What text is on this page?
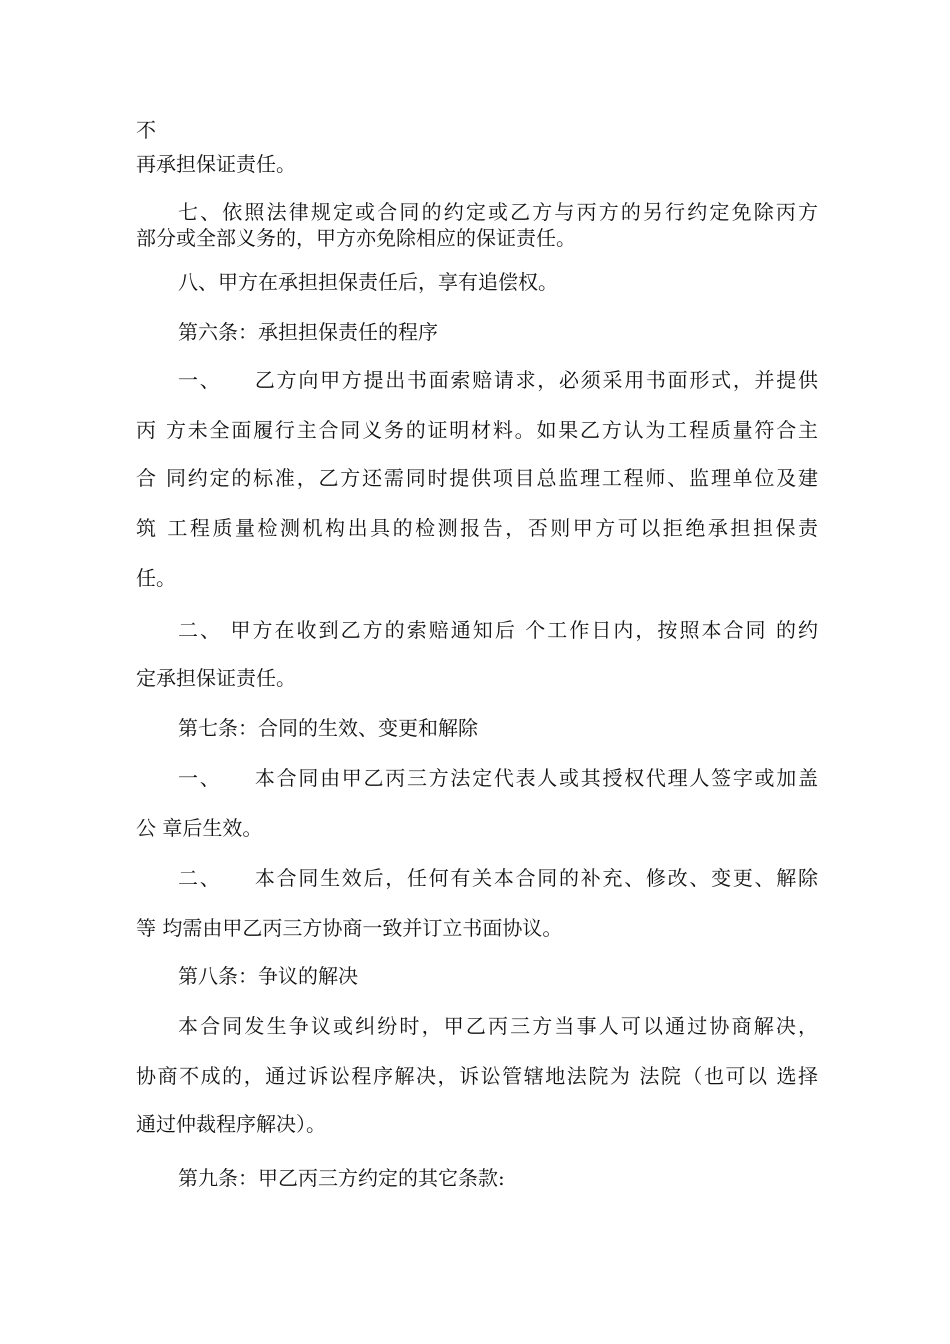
不
再承担保证责任。
七、依照法律规定或合同的约定或乙方与丙方的另行约定免除丙方
部分或全部义务的，甲方亦免除相应的保证责任。
八、甲方在承担担保责任后，享有追偿权。
第六条：承担担保责任的程序
一、　　乙方向甲方提出书面索赔请求，必须采用书面形式，并提供
丙 方未全面履行主合同义务的证明材料。如果乙方认为工程质量符合主
合 同约定的标准，乙方还需同时提供项目总监理工程师、监理单位及建
筑 工程质量检测机构出具的检测报告，否则甲方可以拒绝承担担保责
任。
二、 甲方在收到乙方的索赔通知后 个工作日内，按照本合同 的约
定承担保证责任。
第七条：合同的生效、变更和解除
一、　　本合同由甲乙丙三方法定代表人或其授权代理人签字或加盖
公 章后生效。
二、　　本合同生效后，任何有关本合同的补充、修改、变更、解除
等 均需由甲乙丙三方协商一致并订立书面协议。
第八条：争议的解决
本合同发生争议或纠纷时，甲乙丙三方当事人可以通过协商解决，
协商不成的，通过诉讼程序解决，诉讼管辖地法院为 法院（也可以 选择
通过仲裁程序解决）。
第九条：甲乙丙三方约定的其它条款:
